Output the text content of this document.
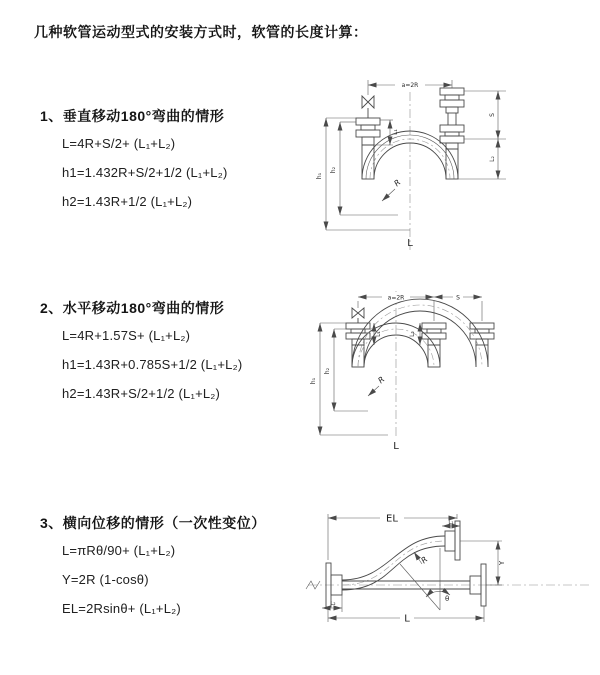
几种软管运动型式的安装方式时，软管的长度计算：
1、垂直移动180°弯曲的情形
L=4R+S/2+ (L₁+L₂)
h1=1.432R+S/2+1/2 (L₁+L₂)
h2=1.43R+1/2 (L₁+L₂)
2、水平移动180°弯曲的情形
L=4R+1.57S+ (L₁+L₂)
h1=1.43R+0.785S+1/2 (L₁+L₂)
h2=1.43R+S/2+1/2 (L₁+L₂)
3、横向位移的情形（一次性变位）
L=πRθ/90+ (L₁+L₂)
Y=2R (1-cosθ)
EL=2Rsinθ+ (L₁+L₂)
a=2R
h₁
h₂
L₁
S
L₂
R
L
a=2R	S
h₁
h₂
L₁	L₂
R
L
θ
R
EL	L₁
Y
L
L₂
